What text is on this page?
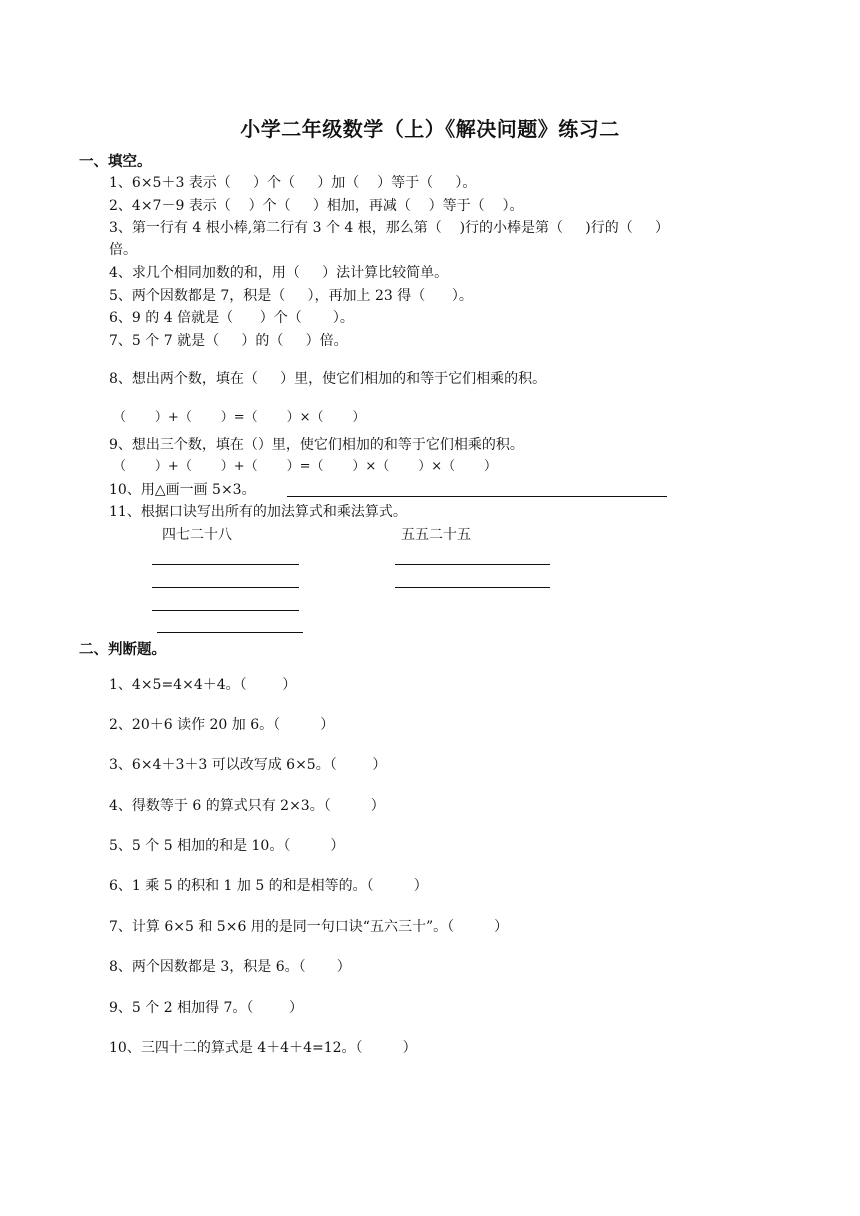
小学二年级数学（上）《解决问题》练习二
一、填空。
1、6×5＋3 表示（     ）个（     ）加（    ）等于（     ）。
2、4×7－9 表示（    ）个（     ）相加，再减（    ）等于（    ）。
3、第一行有 4 根小棒,第二行有 3 个 4 根，那么第（    )行的小棒是第（     )行的（     ）
倍。
4、求几个相同加数的和，用（     ）法计算比较简单。
5、两个因数都是 7，积是（     ），再加上 23 得（      ）。
6、9 的 4 倍就是（      ）个（       ）。
7、5 个 7 就是（     ）的（     ）倍。
8、想出两个数，填在（     ）里，使它们相加的和等于它们相乘的积。
（       ）+（       ）=（       ）×（       ）
9、想出三个数，填在（）里，使它们相加的和等于它们相乘的积。
（       ）+（       ）+（       ）=（       ）×（       ）×（       ）
10、用△画一画 5×3。
11、根据口诀写出所有的加法算式和乘法算式。
四七二十八	五五二十五
二、判断题。
1、4×5=4×4＋4。（        ）
2、20＋6 读作 20 加 6。（         ）
3、6×4＋3＋3 可以改写成 6×5。（        ）
4、得数等于 6 的算式只有 2×3。（         ）
5、5 个 5 相加的和是 10。（         ）
6、1 乘 5 的积和 1 加 5 的和是相等的。（         ）
7、计算 6×5 和 5×6 用的是同一句口诀“五六三十”。（         ）
8、两个因数都是 3，积是 6。（       ）
9、5 个 2 相加得 7。（        ）
10、三四十二的算式是 4＋4＋4=12。（         ）
